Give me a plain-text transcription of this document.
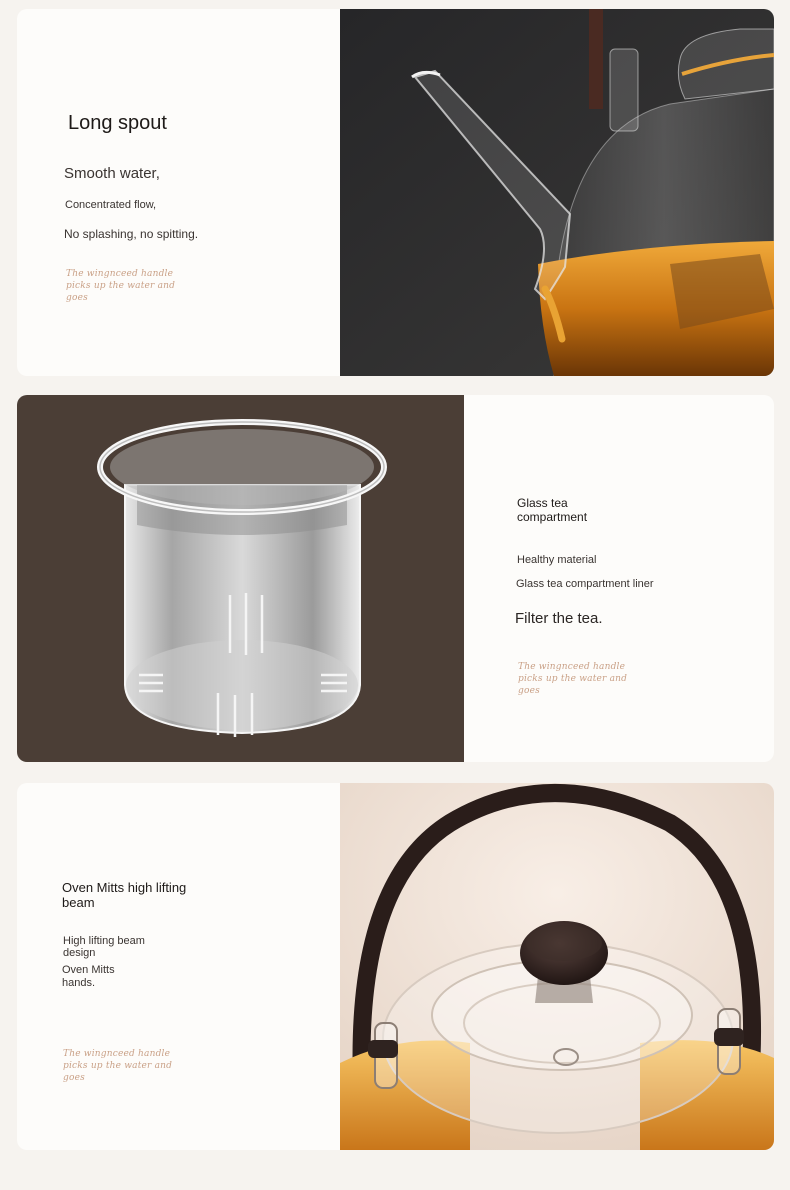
Long spout

Smooth water,

Concentrated flow,

No splashing, no spitting.

The wingnceed handle picks up the water and goes
Glass tea compartment

Healthy material

Glass tea compartment liner

Filter the tea.

The wingnceed handle picks up the water and goes
Oven Mitts high lifting beam

High lifting beam design

Oven Mitts hands.

The wingnceed handle picks up the water and goes
